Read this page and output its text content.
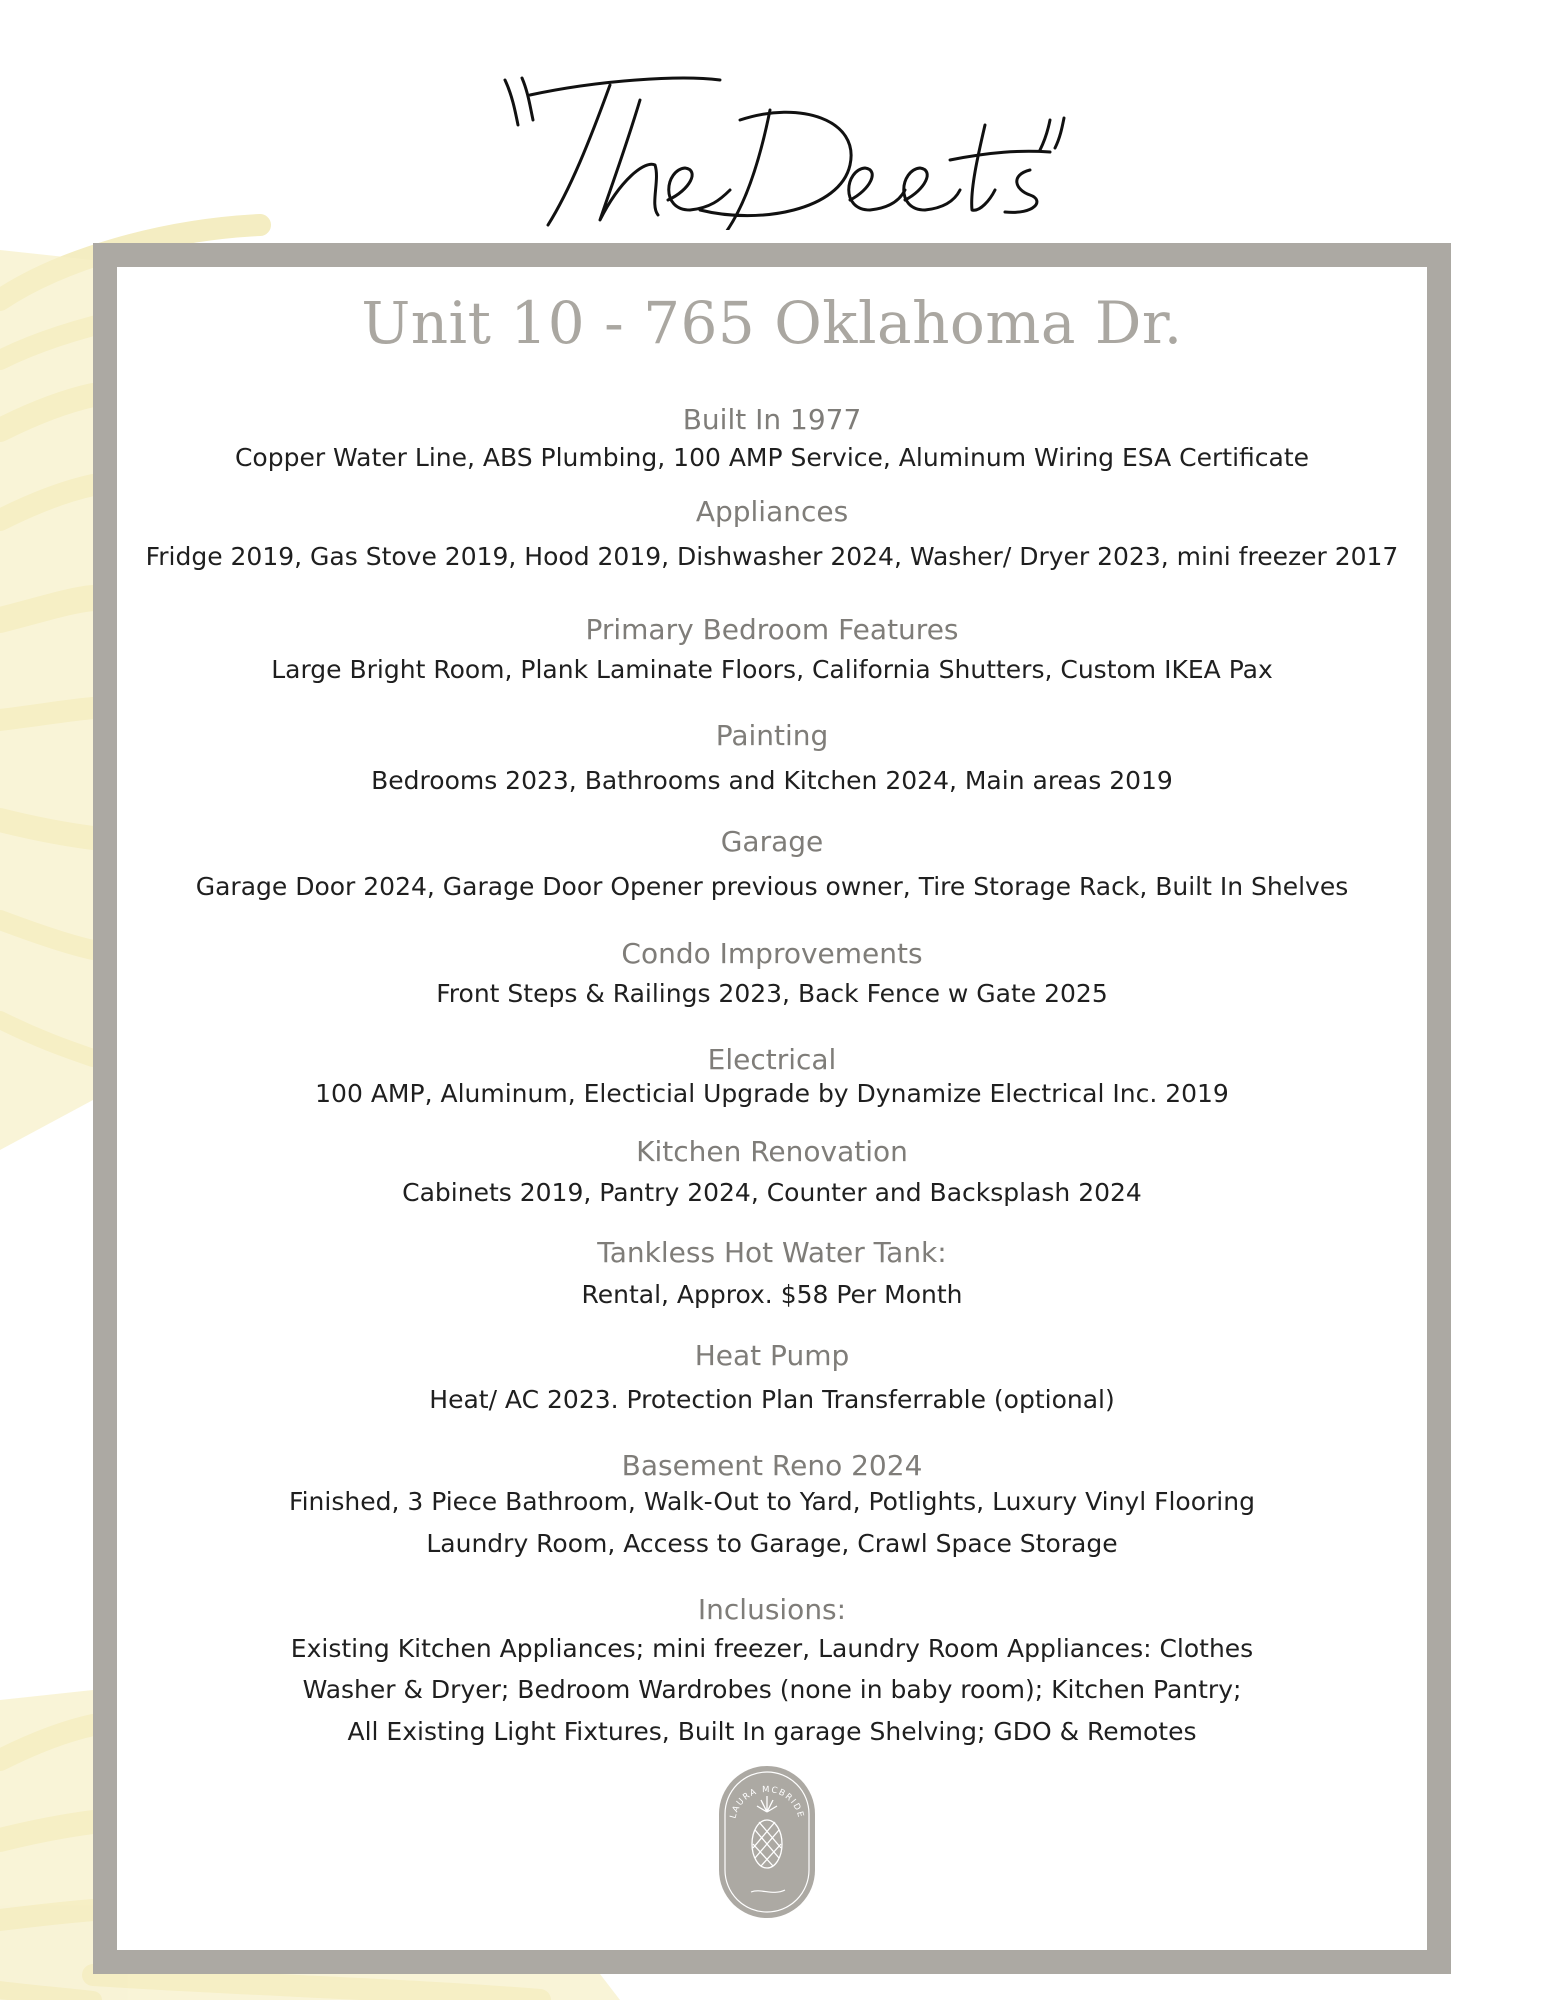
Unit 10 - 765 Oklahoma Dr.
Built In 1977

Copper Water Line, ABS Plumbing, 100 AMP Service, Aluminum Wiring ESA Certificate

Appliances

Fridge 2019, Gas Stove 2019, Hood 2019, Dishwasher 2024, Washer/ Dryer 2023, mini freezer 2017

Primary Bedroom Features

Large Bright Room, Plank Laminate Floors, California Shutters, Custom IKEA Pax

Painting

Bedrooms 2023, Bathrooms and Kitchen 2024, Main areas 2019

Garage

Garage Door 2024, Garage Door Opener previous owner, Tire Storage Rack, Built In Shelves

Condo Improvements

Front Steps & Railings 2023, Back Fence w Gate 2025

Electrical

100 AMP, Aluminum, Electicial Upgrade by Dynamize Electrical Inc. 2019

Kitchen Renovation

Cabinets 2019, Pantry 2024, Counter and Backsplash 2024

Tankless Hot Water Tank:

Rental, Approx. $58 Per Month

Heat Pump

Heat/ AC 2023. Protection Plan Transferrable (optional)

Basement Reno 2024

Finished, 3 Piece Bathroom, Walk-Out to Yard, Potlights, Luxury Vinyl Flooring

Laundry Room, Access to Garage, Crawl Space Storage

Inclusions:

Existing Kitchen Appliances; mini freezer, Laundry Room Appliances: Clothes

Washer & Dryer; Bedroom Wardrobes (none in baby room); Kitchen Pantry;

All Existing Light Fixtures, Built In garage Shelving; GDO & Remotes

LAURA MCBRIDE
